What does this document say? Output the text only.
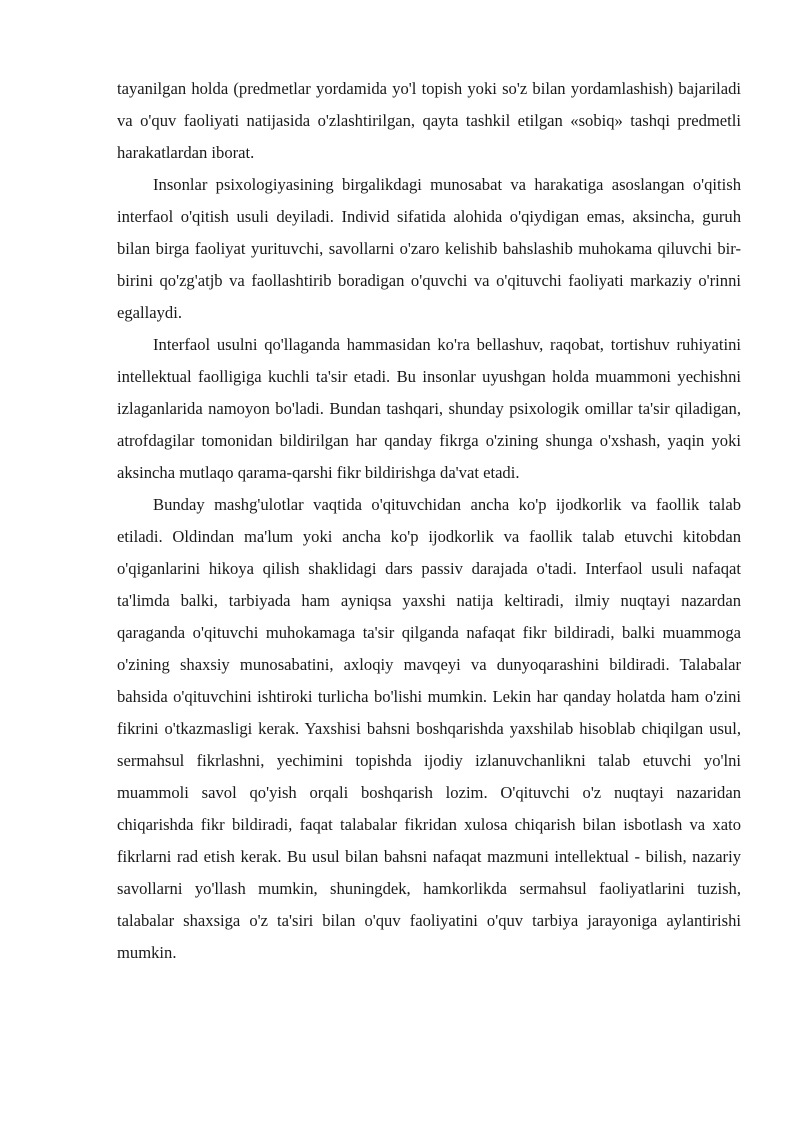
tayanilgan holda (predmetlar yordamida yo'l topish yoki so'z bilan yordamlashish) bajariladi va o'quv faoliyati natijasida o'zlashtirilgan, qayta tashkil etilgan «sobiq» tashqi predmetli harakatlardan iborat.

Insonlar psixologiyasining birgalikdagi munosabat va harakatiga asoslangan o'qitish interfaol o'qitish usuli deyiladi. Individ sifatida alohida o'qiydigan emas, aksincha, guruh bilan birga faoliyat yurituvchi, savollarni o'zaro kelishib bahslashib muhokama qiluvchi bir-birini qo'zg'atjb va faollashtirib boradigan o'quvchi va o'qituvchi faoliyati markaziy o'rinni egallaydi.

Interfaol usulni qo'llaganda hammasidan ko'ra bellashuv, raqobat, tortishuv ruhiyatini intellektual faolligiga kuchli ta'sir etadi. Bu insonlar uyushgan holda muammoni yechishni izlaganlarida namoyon bo'ladi. Bundan tashqari, shunday psixologik omillar ta'sir qiladigan, atrofdagilar tomonidan bildirilgan har qanday fikrga o'zining shunga o'xshash, yaqin yoki aksincha mutlaqo qarama-qarshi fikr bildirishga da'vat etadi.

Bunday mashg'ulotlar vaqtida o'qituvchidan ancha ko'p ijodkorlik va faollik talab etiladi. Oldindan ma'lum yoki ancha ko'p ijodkorlik va faollik talab etuvchi kitobdan o'qiganlarini hikoya qilish shaklidagi dars passiv darajada o'tadi. Interfaol usuli nafaqat ta'limda balki, tarbiyada ham ayniqsa yaxshi natija keltiradi, ilmiy nuqtayi nazardan qaraganda o'qituvchi muhokamaga ta'sir qilganda nafaqat fikr bildiradi, balki muammoga o'zining shaxsiy munosabatini, axloqiy mavqeyi va dunyoqarashini bildiradi. Talabalar bahsida o'qituvchini ishtiroki turlicha bo'lishi mumkin. Lekin har qanday holatda ham o'zini fikrini o'tkazmasligi kerak. Yaxshisi bahsni boshqarishda yaxshilab hisoblab chiqilgan usul, sermahsul fikrlashni, yechimini topishda ijodiy izlanuvchanlikni talab etuvchi yo'lni muammoli savol qo'yish orqali boshqarish lozim. O'qituvchi o'z nuqtayi nazaridan chiqarishda fikr bildiradi, faqat talabalar fikridan xulosa chiqarish bilan isbotlash va xato fikrlarni rad etish kerak. Bu usul bilan bahsni nafaqat mazmuni intellektual - bilish, nazariy savollarni yo'llash mumkin, shuningdek, hamkorlikda sermahsul faoliyatlarini tuzish, talabalar shaxsiga o'z ta'siri bilan o'quv faoliyatini o'quv tarbiya jarayoniga aylantirishi mumkin.
